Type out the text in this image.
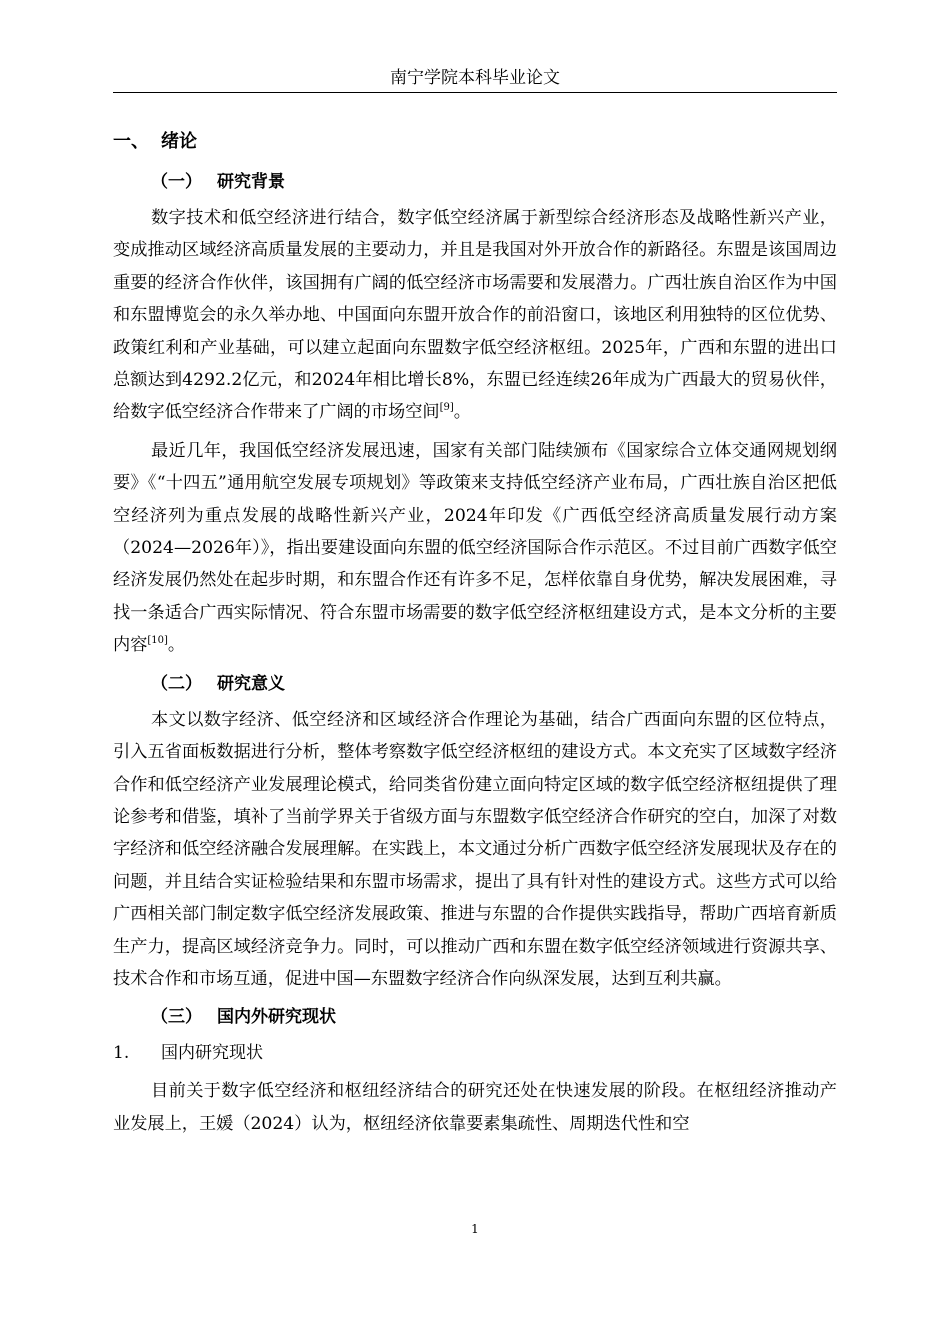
南宁学院本科毕业论文
一、 绪论
（一） 研究背景

数字技术和低空经济进行结合，数字低空经济属于新型综合经济形态及战略性新兴产业，变成推动区域经济高质量发展的主要动力，并且是我国对外开放合作的新路径。东盟是该国周边重要的经济合作伙伴，该国拥有广阔的低空经济市场需要和发展潜力。广西壮族自治区作为中国和东盟博览会的永久举办地、中国面向东盟开放合作的前沿窗口，该地区利用独特的区位优势、政策红利和产业基础，可以建立起面向东盟数字低空经济枢纽。2025年，广西和东盟的进出口总额达到4292.2亿元，和2024年相比增长8%，东盟已经连续26年成为广西最大的贸易伙伴，给数字低空经济合作带来了广阔的市场空间[9]。

最近几年，我国低空经济发展迅速，国家有关部门陆续颁布《国家综合立体交通网规划纲要》《“十四五”通用航空发展专项规划》等政策来支持低空经济产业布局，广西壮族自治区把低空经济列为重点发展的战略性新兴产业，2024年印发《广西低空经济高质量发展行动方案（2024—2026年）》，指出要建设面向东盟的低空经济国际合作示范区。不过目前广西数字低空经济发展仍然处在起步时期，和东盟合作还有许多不足，怎样依靠自身优势，解决发展困难，寻找一条适合广西实际情况、符合东盟市场需要的数字低空经济枢纽建设方式，是本文分析的主要内容[10]。

（二） 研究意义

本文以数字经济、低空经济和区域经济合作理论为基础，结合广西面向东盟的区位特点，引入五省面板数据进行分析，整体考察数字低空经济枢纽的建设方式。本文充实了区域数字经济合作和低空经济产业发展理论模式，给同类省份建立面向特定区域的数字低空经济枢纽提供了理论参考和借鉴，填补了当前学界关于省级方面与东盟数字低空经济合作研究的空白，加深了对数字经济和低空经济融合发展理解。在实践上，本文通过分析广西数字低空经济发展现状及存在的问题，并且结合实证检验结果和东盟市场需求，提出了具有针对性的建设方式。这些方式可以给广西相关部门制定数字低空经济发展政策、推进与东盟的合作提供实践指导，帮助广西培育新质生产力，提高区域经济竞争力。同时，可以推动广西和东盟在数字低空经济领域进行资源共享、技术合作和市场互通，促进中国—东盟数字经济合作向纵深发展，达到互利共赢。

（三） 国内外研究现状
1. 国内研究现状

目前关于数字低空经济和枢纽经济结合的研究还处在快速发展的阶段。在枢纽经济推动产业发展上，王媛（2024）认为，枢纽经济依靠要素集疏性、周期迭代性和空

1
